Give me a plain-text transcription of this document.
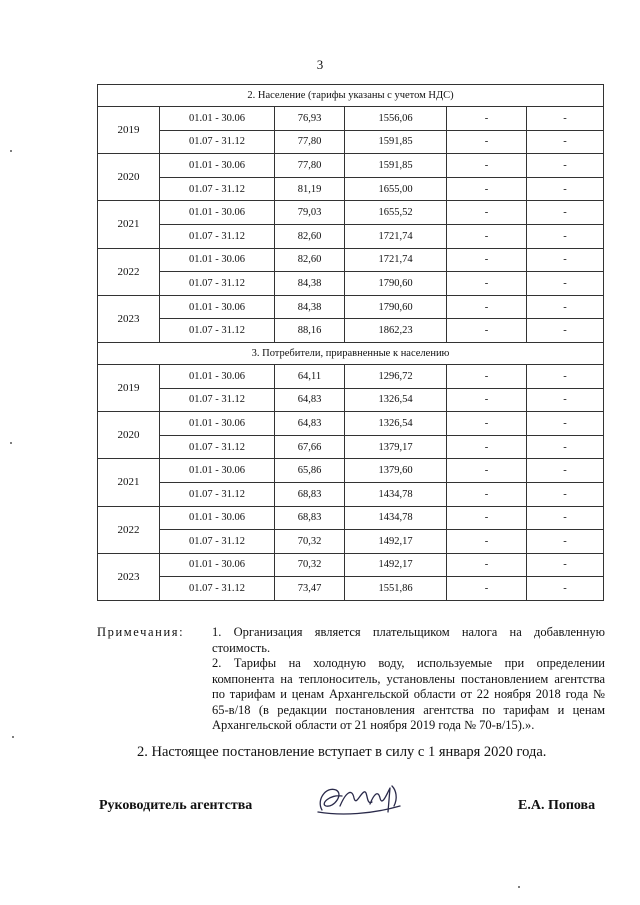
3
2. Население (тарифы указаны с учетом НДС)					
2019	01.01 - 30.06	76,93	1556,06	-	-
	01.07 - 31.12	77,80	1591,85	-	-
2020	01.01 - 30.06	77,80	1591,85	-	-
	01.07 - 31.12	81,19	1655,00	-	-
2021	01.01 - 30.06	79,03	1655,52	-	-
	01.07 - 31.12	82,60	1721,74	-	-
2022	01.01 - 30.06	82,60	1721,74	-	-
	01.07 - 31.12	84,38	1790,60	-	-
2023	01.01 - 30.06	84,38	1790,60	-	-
	01.07 - 31.12	88,16	1862,23	-	-
3. Потребители, приравненные к населению					
2019	01.01 - 30.06	64,11	1296,72	-	-
	01.07 - 31.12	64,83	1326,54	-	-
2020	01.01 - 30.06	64,83	1326,54	-	-
	01.07 - 31.12	67,66	1379,17	-	-
2021	01.01 - 30.06	65,86	1379,60	-	-
	01.07 - 31.12	68,83	1434,78	-	-
2022	01.01 - 30.06	68,83	1434,78	-	-
	01.07 - 31.12	70,32	1492,17	-	-
2023	01.01 - 30.06	70,32	1492,17	-	-
	01.07 - 31.12	73,47	1551,86	-	-
Примечания: 1. Организация является плательщиком налога на добавленную стоимость.

2. Тарифы на холодную воду, используемые при определении компонента на теплоноситель, установлены постановлением агентства по тарифам и ценам Архангельской области от 22 ноября 2018 года № 65-в/18 (в редакции постановления агентства по тарифам и ценам Архангельской области от 21 ноября 2019 года № 70-в/15).».

2. Настоящее постановление вступает в силу с 1 января 2020 года.
Руководитель агентства	Е.А. Попова
